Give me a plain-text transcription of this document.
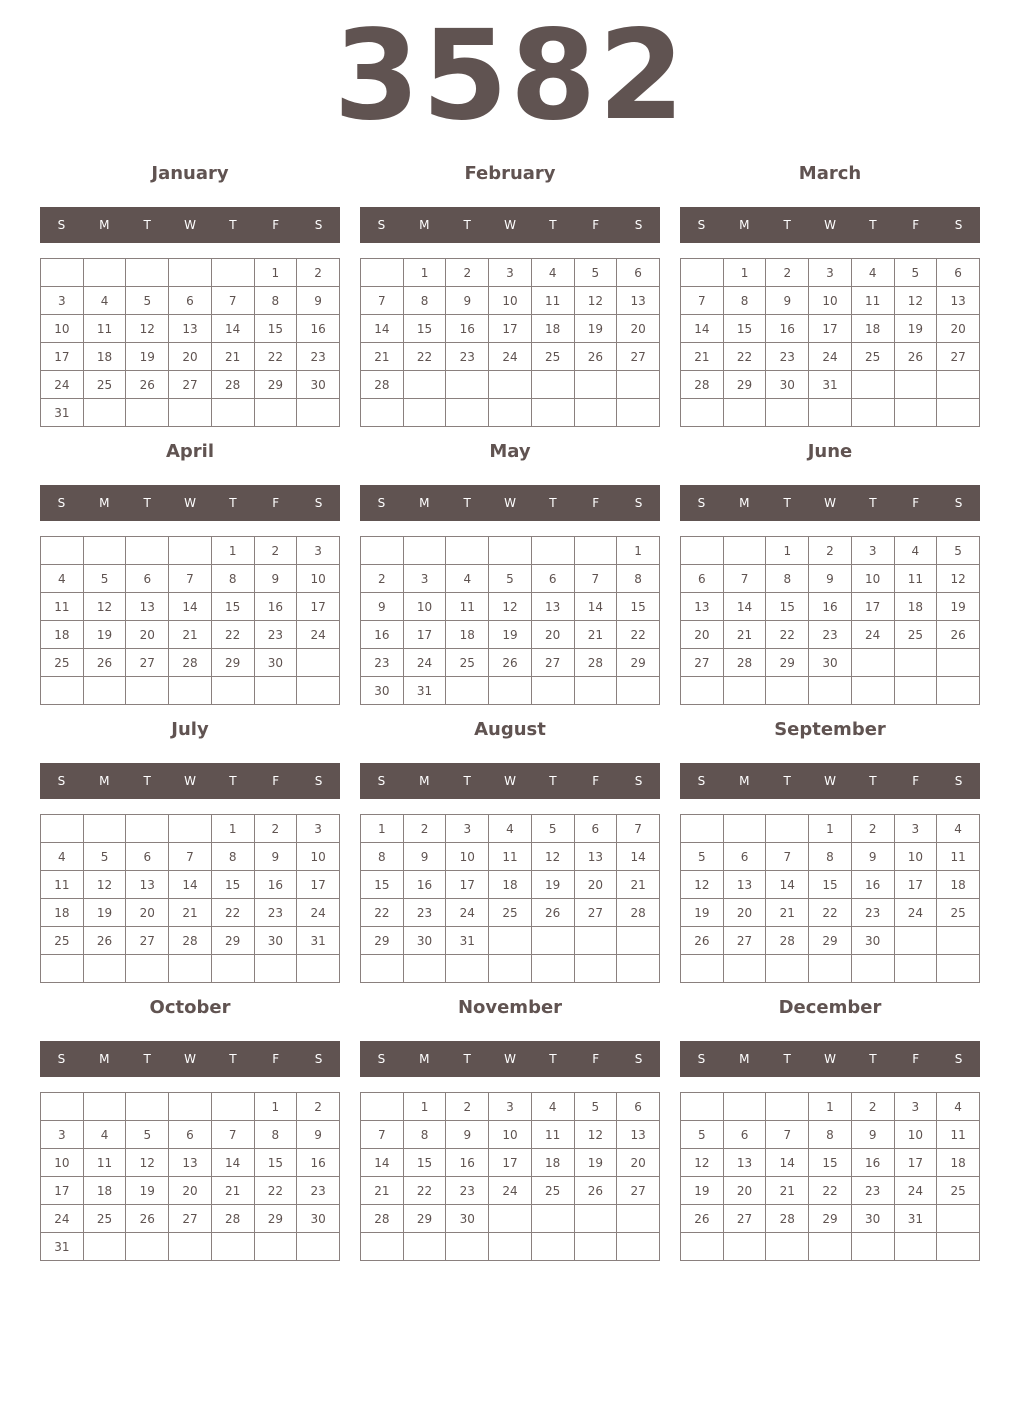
3582
January
S	M	T	W	T	F	S
					1	2
3	4	5	6	7	8	9
10	11	12	13	14	15	16
17	18	19	20	21	22	23
24	25	26	27	28	29	30
31						
February
S	M	T	W	T	F	S
	1	2	3	4	5	6
7	8	9	10	11	12	13
14	15	16	17	18	19	20
21	22	23	24	25	26	27
28						

March
S	M	T	W	T	F	S
	1	2	3	4	5	6
7	8	9	10	11	12	13
14	15	16	17	18	19	20
21	22	23	24	25	26	27
28	29	30	31			

April
S	M	T	W	T	F	S
				1	2	3
4	5	6	7	8	9	10
11	12	13	14	15	16	17
18	19	20	21	22	23	24
25	26	27	28	29	30	

May
S	M	T	W	T	F	S
						1
2	3	4	5	6	7	8
9	10	11	12	13	14	15
16	17	18	19	20	21	22
23	24	25	26	27	28	29
30	31					
June
S	M	T	W	T	F	S
		1	2	3	4	5
6	7	8	9	10	11	12
13	14	15	16	17	18	19
20	21	22	23	24	25	26
27	28	29	30			

July
S	M	T	W	T	F	S
				1	2	3
4	5	6	7	8	9	10
11	12	13	14	15	16	17
18	19	20	21	22	23	24
25	26	27	28	29	30	31

August
S	M	T	W	T	F	S
1	2	3	4	5	6	7
8	9	10	11	12	13	14
15	16	17	18	19	20	21
22	23	24	25	26	27	28
29	30	31				

September
S	M	T	W	T	F	S
			1	2	3	4
5	6	7	8	9	10	11
12	13	14	15	16	17	18
19	20	21	22	23	24	25
26	27	28	29	30		

October
S	M	T	W	T	F	S
					1	2
3	4	5	6	7	8	9
10	11	12	13	14	15	16
17	18	19	20	21	22	23
24	25	26	27	28	29	30
31						
November
S	M	T	W	T	F	S
	1	2	3	4	5	6
7	8	9	10	11	12	13
14	15	16	17	18	19	20
21	22	23	24	25	26	27
28	29	30				

December
S	M	T	W	T	F	S
			1	2	3	4
5	6	7	8	9	10	11
12	13	14	15	16	17	18
19	20	21	22	23	24	25
26	27	28	29	30	31	
